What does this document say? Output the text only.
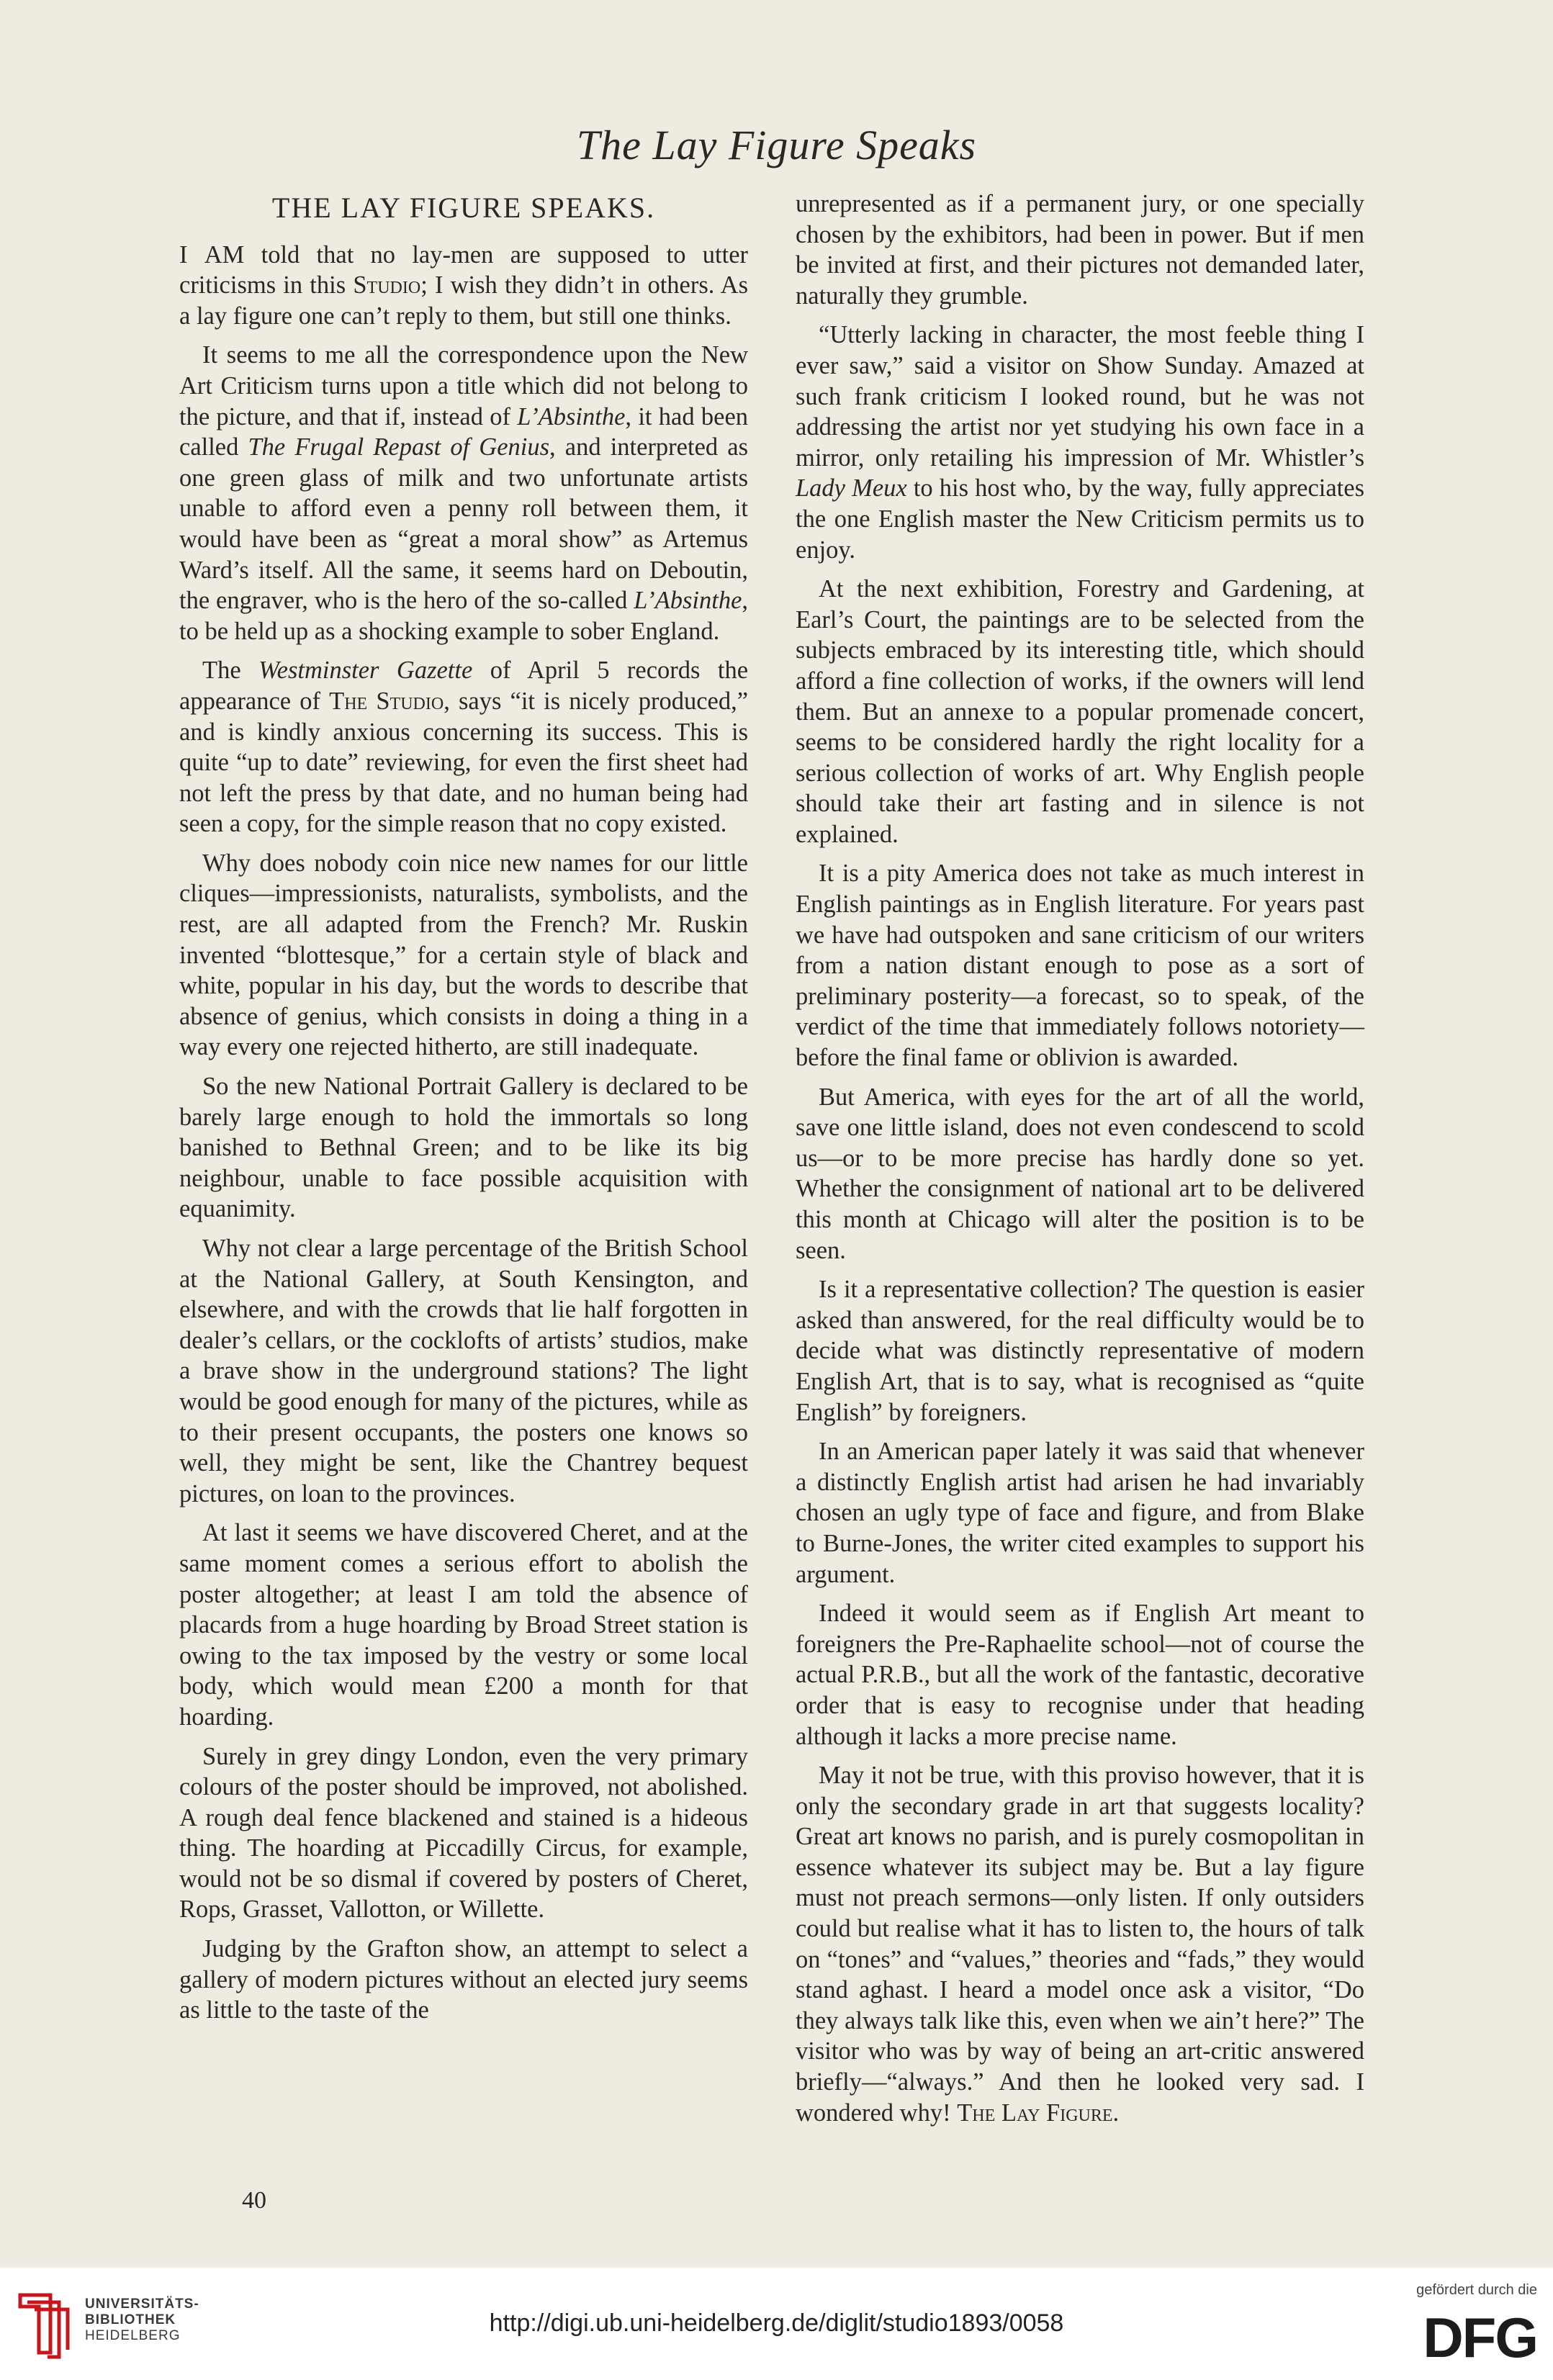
The Lay Figure Speaks
THE LAY FIGURE SPEAKS.

I AM told that no lay-men are supposed to utter criticisms in this Studio; I wish they didn’t in others. As a lay figure one can’t reply to them, but still one thinks.

It seems to me all the correspondence upon the New Art Criticism turns upon a title which did not belong to the picture, and that if, instead of L’Absinthe, it had been called The Frugal Repast of Genius, and interpreted as one green glass of milk and two unfortunate artists unable to afford even a penny roll between them, it would have been as “great a moral show” as Artemus Ward’s itself. All the same, it seems hard on Deboutin, the engraver, who is the hero of the so-called L’Absinthe, to be held up as a shocking example to sober England.

The Westminster Gazette of April 5 records the appearance of The Studio, says “it is nicely produced,” and is kindly anxious concerning its success. This is quite “up to date” reviewing, for even the first sheet had not left the press by that date, and no human being had seen a copy, for the simple reason that no copy existed.

Why does nobody coin nice new names for our little cliques—impressionists, naturalists, symbolists, and the rest, are all adapted from the French? Mr. Ruskin invented “blottesque,” for a certain style of black and white, popular in his day, but the words to describe that absence of genius, which consists in doing a thing in a way every one rejected hitherto, are still inadequate.

So the new National Portrait Gallery is declared to be barely large enough to hold the immortals so long banished to Bethnal Green; and to be like its big neighbour, unable to face possible acquisition with equanimity.

Why not clear a large percentage of the British School at the National Gallery, at South Kensington, and elsewhere, and with the crowds that lie half forgotten in dealer’s cellars, or the cocklofts of artists’ studios, make a brave show in the underground stations? The light would be good enough for many of the pictures, while as to their present occupants, the posters one knows so well, they might be sent, like the Chantrey bequest pictures, on loan to the provinces.

At last it seems we have discovered Cheret, and at the same moment comes a serious effort to abolish the poster altogether; at least I am told the absence of placards from a huge hoarding by Broad Street station is owing to the tax imposed by the vestry or some local body, which would mean £200 a month for that hoarding.

Surely in grey dingy London, even the very primary colours of the poster should be improved, not abolished. A rough deal fence blackened and stained is a hideous thing. The hoarding at Piccadilly Circus, for example, would not be so dismal if covered by posters of Cheret, Rops, Grasset, Vallotton, or Willette.

Judging by the Grafton show, an attempt to select a gallery of modern pictures without an elected jury seems as little to the taste of the

unrepresented as if a permanent jury, or one specially chosen by the exhibitors, had been in power. But if men be invited at first, and their pictures not demanded later, naturally they grumble.

“Utterly lacking in character, the most feeble thing I ever saw,” said a visitor on Show Sunday. Amazed at such frank criticism I looked round, but he was not addressing the artist nor yet studying his own face in a mirror, only retailing his impression of Mr. Whistler’s Lady Meux to his host who, by the way, fully appreciates the one English master the New Criticism permits us to enjoy.

At the next exhibition, Forestry and Gardening, at Earl’s Court, the paintings are to be selected from the subjects embraced by its interesting title, which should afford a fine collection of works, if the owners will lend them. But an annexe to a popular promenade concert, seems to be considered hardly the right locality for a serious collection of works of art. Why English people should take their art fasting and in silence is not explained.

It is a pity America does not take as much interest in English paintings as in English literature. For years past we have had outspoken and sane criticism of our writers from a nation distant enough to pose as a sort of preliminary posterity—a forecast, so to speak, of the verdict of the time that immediately follows notoriety—before the final fame or oblivion is awarded.

But America, with eyes for the art of all the world, save one little island, does not even condescend to scold us—or to be more precise has hardly done so yet. Whether the consignment of national art to be delivered this month at Chicago will alter the position is to be seen.

Is it a representative collection? The question is easier asked than answered, for the real difficulty would be to decide what was distinctly representative of modern English Art, that is to say, what is recognised as “quite English” by foreigners.

In an American paper lately it was said that whenever a distinctly English artist had arisen he had invariably chosen an ugly type of face and figure, and from Blake to Burne-Jones, the writer cited examples to support his argument.

Indeed it would seem as if English Art meant to foreigners the Pre-Raphaelite school—not of course the actual P.R.B., but all the work of the fantastic, decorative order that is easy to recognise under that heading although it lacks a more precise name.

May it not be true, with this proviso however, that it is only the secondary grade in art that suggests locality? Great art knows no parish, and is purely cosmopolitan in essence whatever its subject may be. But a lay figure must not preach sermons—only listen. If only outsiders could but realise what it has to listen to, the hours of talk on “tones” and “values,” theories and “fads,” they would stand aghast. I heard a model once ask a visitor, “Do they always talk like this, even when we ain’t here?” The visitor who was by way of being an art-critic answered briefly—“always.” And then he looked very sad. I wondered why! The Lay Figure.

40
UNIVERSITÄTS-
BIBLIOTHEK
HEIDELBERG	http://digi.ub.uni-heidelberg.de/diglit/studio1893/0058
gefördert durch die
DFG
